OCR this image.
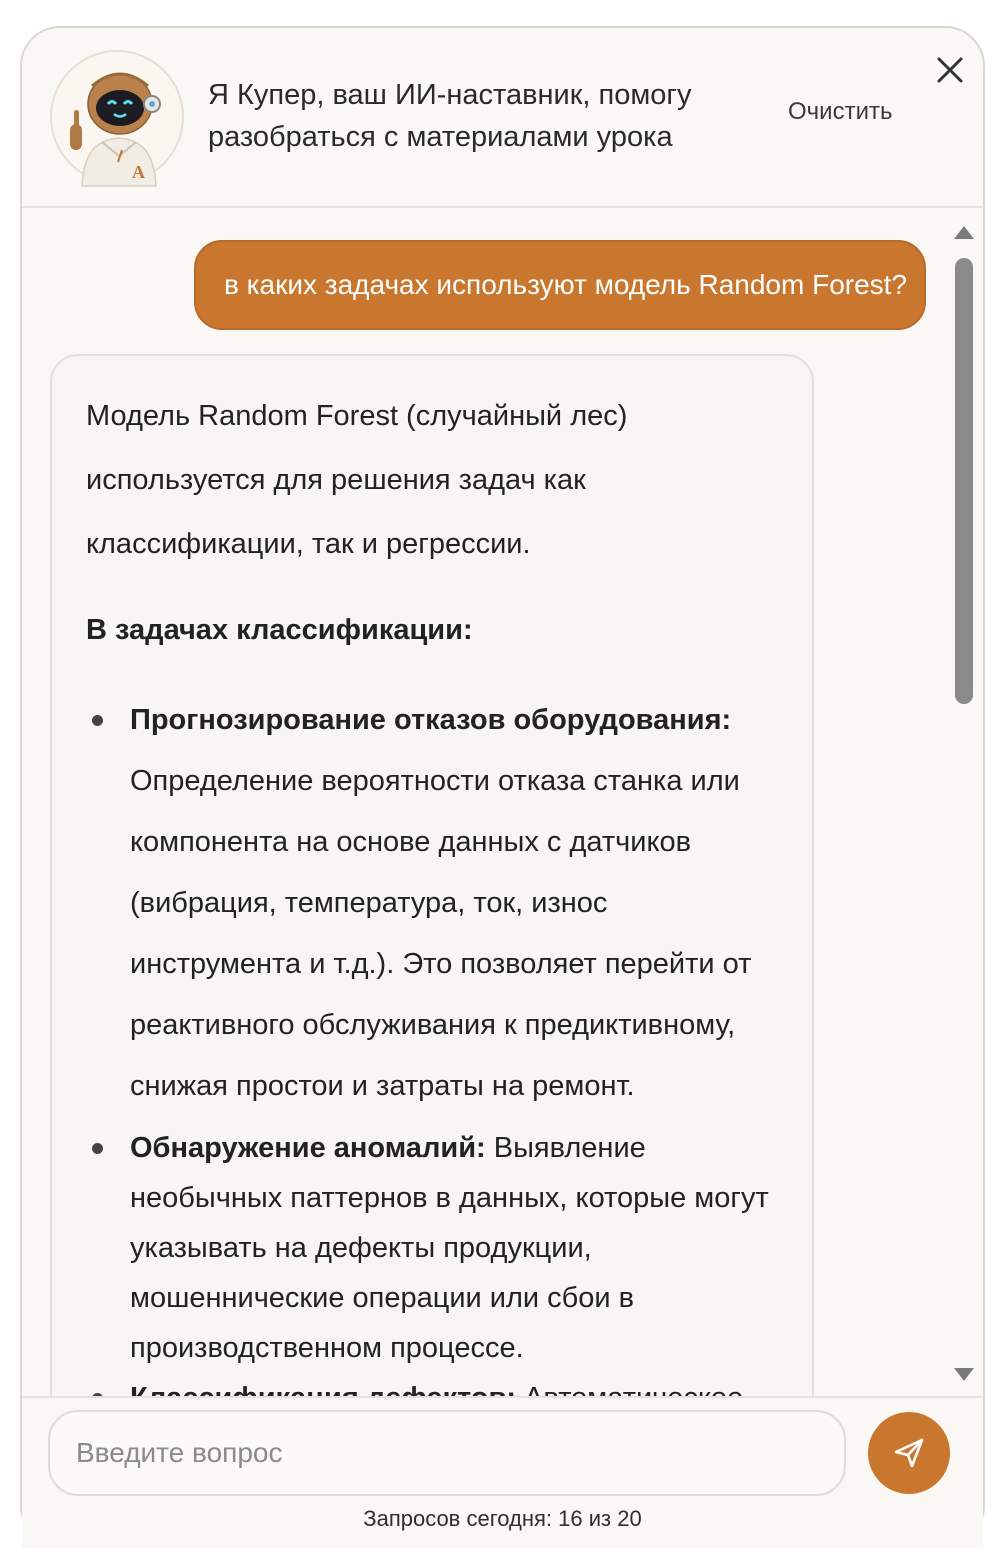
A
Я Купер, ваш ИИ-наставник, помогу разобраться с материалами урока
Очистить
в каких задачах используют модель Random Forest?
Модель Random Forest (случайный лес) используется для решения задач как классификации, так и регрессии.
В задачах классификации:
Прогнозирование отказов оборудования:
Определение вероятности отказа станка или компонента на основе данных с датчиков (вибрация, температура, ток, износ инструмента и т.д.). Это позволяет перейти от реактивного обслуживания к предиктивному, снижая простои и затраты на ремонт.
Обнаружение аномалий: Выявление необычных паттернов в данных, которые могут указывать на дефекты продукции, мошеннические операции или сбои в производственном процессе.
Введите вопрос
Запросов сегодня: 16 из 20
